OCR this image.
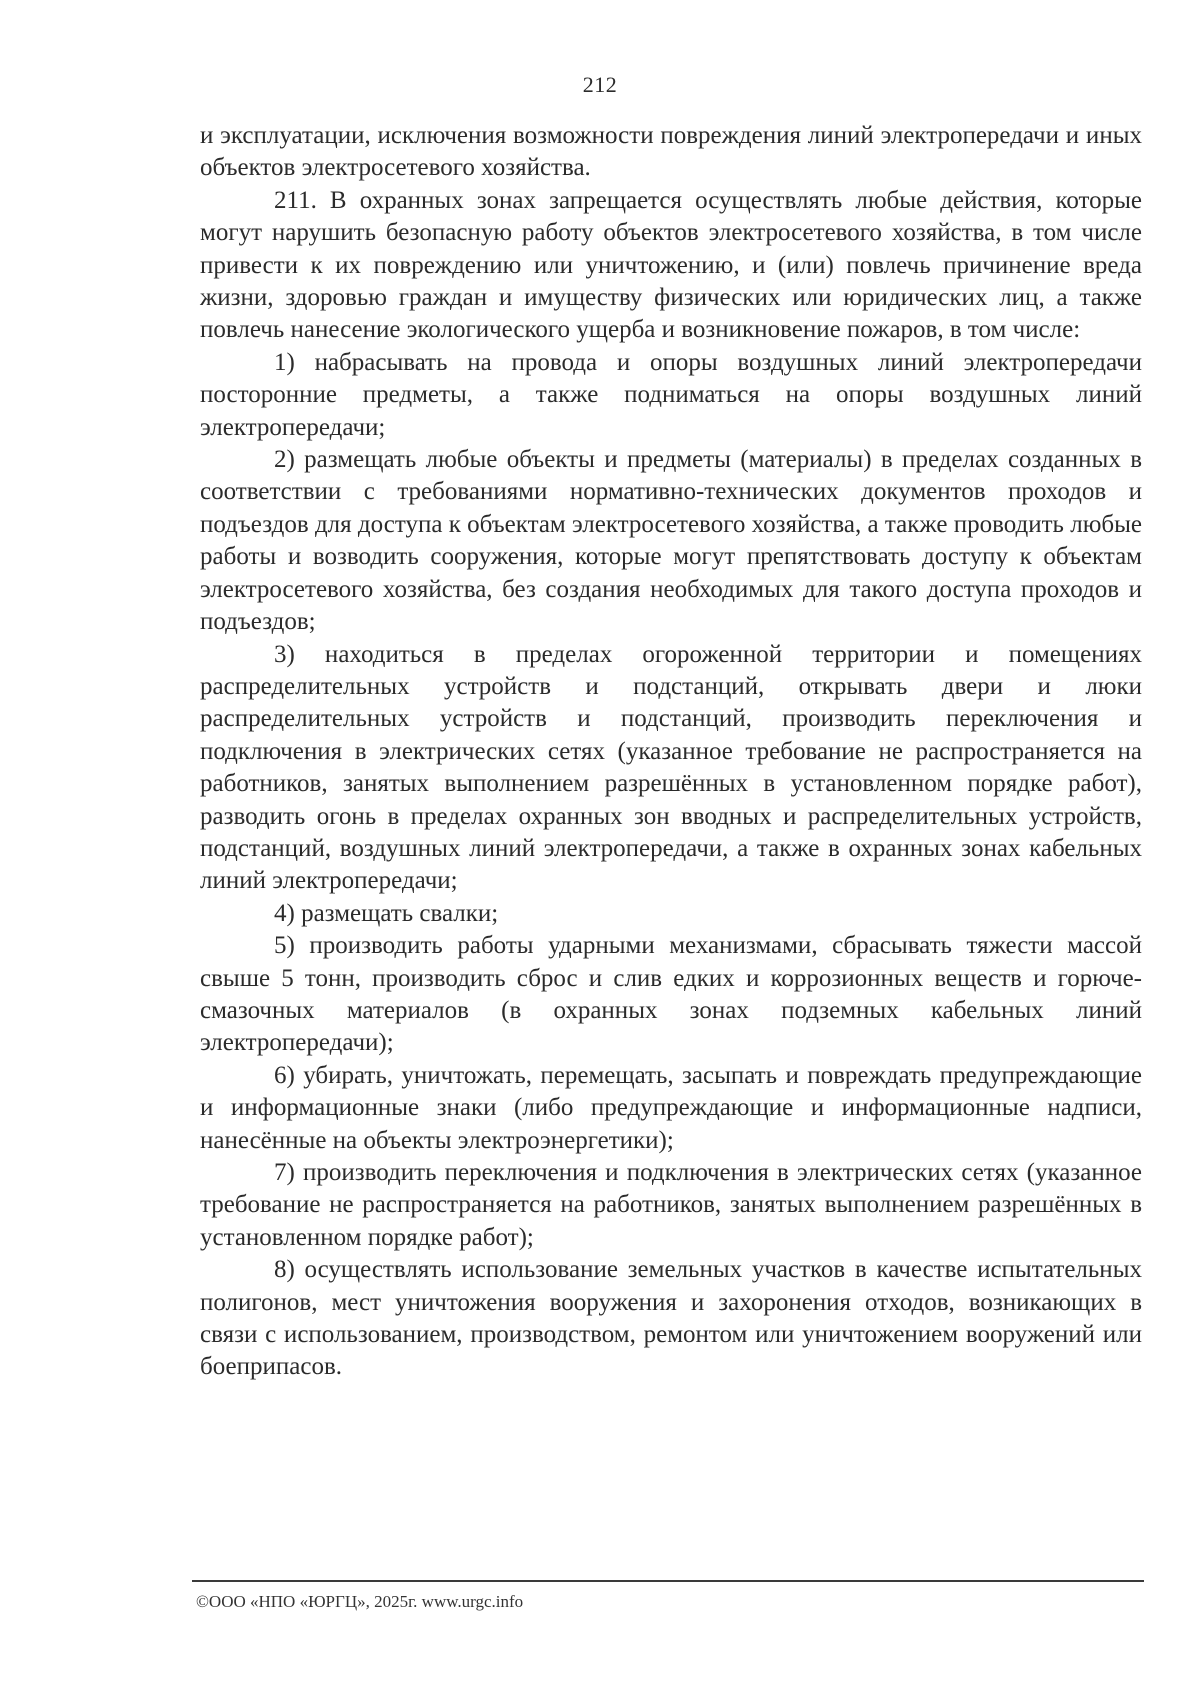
212

и эксплуатации, исключения возможности повреждения линий электропередачи и иных объектов электросетевого хозяйства.

211. В охранных зонах запрещается осуществлять любые действия, которые могут нарушить безопасную работу объектов электросетевого хозяйства, в том числе привести к их повреждению или уничтожению, и (или) повлечь причинение вреда жизни, здоровью граждан и имуществу физических или юридических лиц, а также повлечь нанесение экологического ущерба и возникновение пожаров, в том числе:

1) набрасывать на провода и опоры воздушных линий электропередачи посторонние предметы, а также подниматься на опоры воздушных линий электропередачи;

2) размещать любые объекты и предметы (материалы) в пределах созданных в соответствии с требованиями нормативно-технических документов проходов и подъездов для доступа к объектам электросетевого хозяйства, а также проводить любые работы и возводить сооружения, которые могут препятствовать доступу к объектам электросетевого хозяйства, без создания необходимых для такого доступа проходов и подъездов;

3) находиться в пределах огороженной территории и помещениях распределительных устройств и подстанций, открывать двери и люки распределительных устройств и подстанций, производить переключения и подключения в электрических сетях (указанное требование не распространяется на работников, занятых выполнением разрешённых в установленном порядке работ), разводить огонь в пределах охранных зон вводных и распределительных устройств, подстанций, воздушных линий электропередачи, а также в охранных зонах кабельных линий электропередачи;

4) размещать свалки;

5) производить работы ударными механизмами, сбрасывать тяжести массой свыше 5 тонн, производить сброс и слив едких и коррозионных веществ и горюче-смазочных материалов (в охранных зонах подземных кабельных линий электропередачи);

6) убирать, уничтожать, перемещать, засыпать и повреждать предупреждающие и информационные знаки (либо предупреждающие и информационные надписи, нанесённые на объекты электроэнергетики);

7) производить переключения и подключения в электрических сетях (указанное требование не распространяется на работников, занятых выполнением разрешённых в установленном порядке работ);

8) осуществлять использование земельных участков в качестве испытательных полигонов, мест уничтожения вооружения и захоронения отходов, возникающих в связи с использованием, производством, ремонтом или уничтожением вооружений или боеприпасов.

©ООО «НПО «ЮРГЦ», 2025г. www.urgc.info
